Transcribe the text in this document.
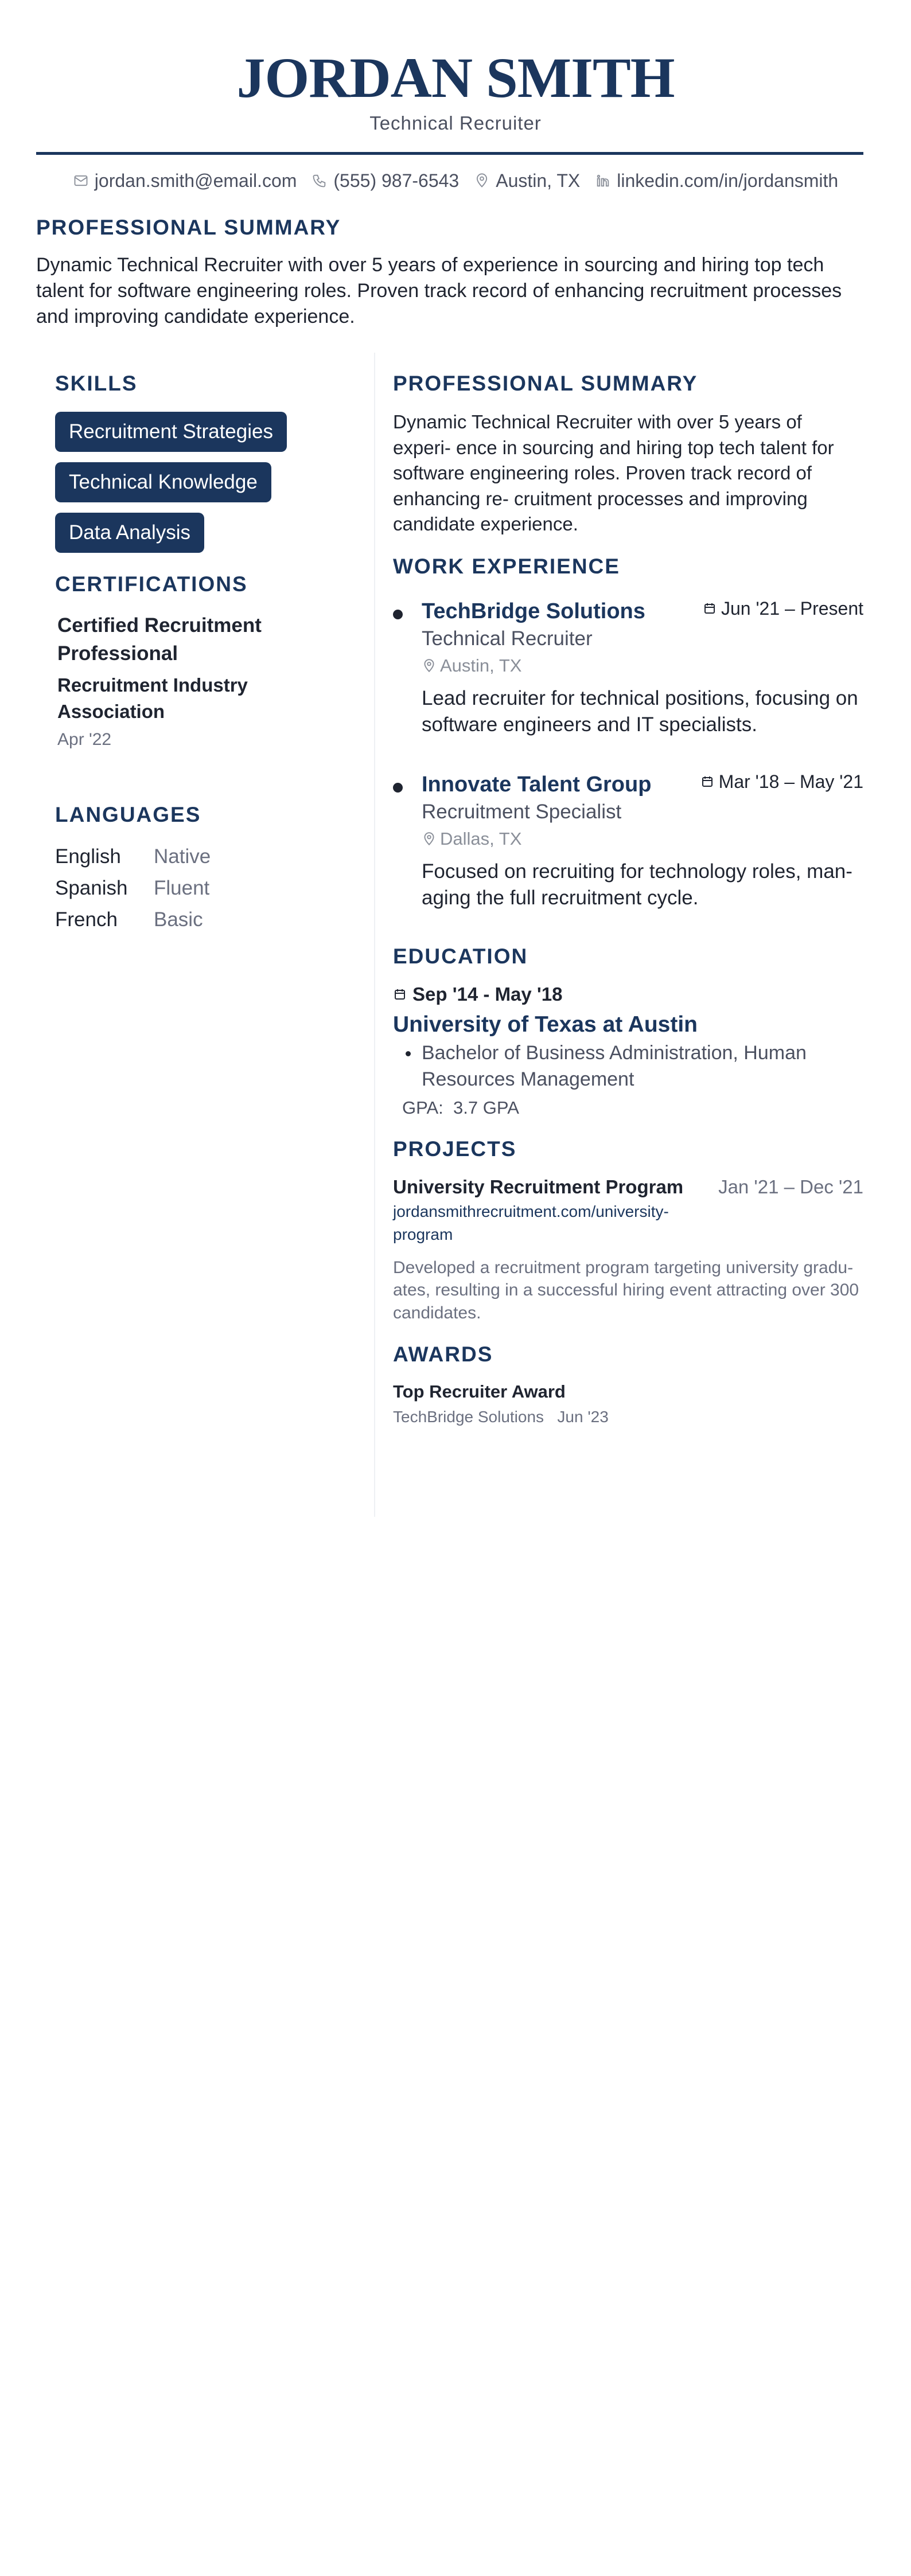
JORDAN SMITH
Technical Recruiter
jordan.smith@email.com (555) 987-6543 Austin, TX linkedin.com/in/jordansmith
PROFESSIONAL SUMMARY
Dynamic Technical Recruiter with over 5 years of experience in sourcing and hiring top tech talent for software engineering roles. Proven track record of enhancing recruitment processes and improving candidate experience.
SKILLS
Recruitment Strategies
Technical Knowledge
Data Analysis
CERTIFICATIONS
Certified Recruitment Professional
Recruitment Industry Association
Apr '22
LANGUAGES
English	Native
Spanish	Fluent
French	Basic
PROFESSIONAL SUMMARY
Dynamic Technical Recruiter with over 5 years of experi- ence in sourcing and hiring top tech talent for software engineering roles. Proven track record of enhancing re- cruitment processes and improving candidate experience.
WORK EXPERIENCE
TechBridge Solutions	Jun '21 – Present
Technical Recruiter
Austin, TX
Lead recruiter for technical positions, focusing on software engineers and IT specialists.
Innovate Talent Group	Mar '18 – May '21
Recruitment Specialist
Dallas, TX
Focused on recruiting for technology roles, man- aging the full recruitment cycle.
EDUCATION
Sep '14 - May '18
University of Texas at Austin
Bachelor of Business Administration, Human Resources Management
GPA: 3.7 GPA
PROJECTS
University Recruitment Program Jan '21 – Dec '21
jordansmithrecruitment.com/university-program
Developed a recruitment program targeting university gradu- ates, resulting in a successful hiring event attracting over 300 candidates.
AWARDS
Top Recruiter Award
TechBridge Solutions Jun '23
